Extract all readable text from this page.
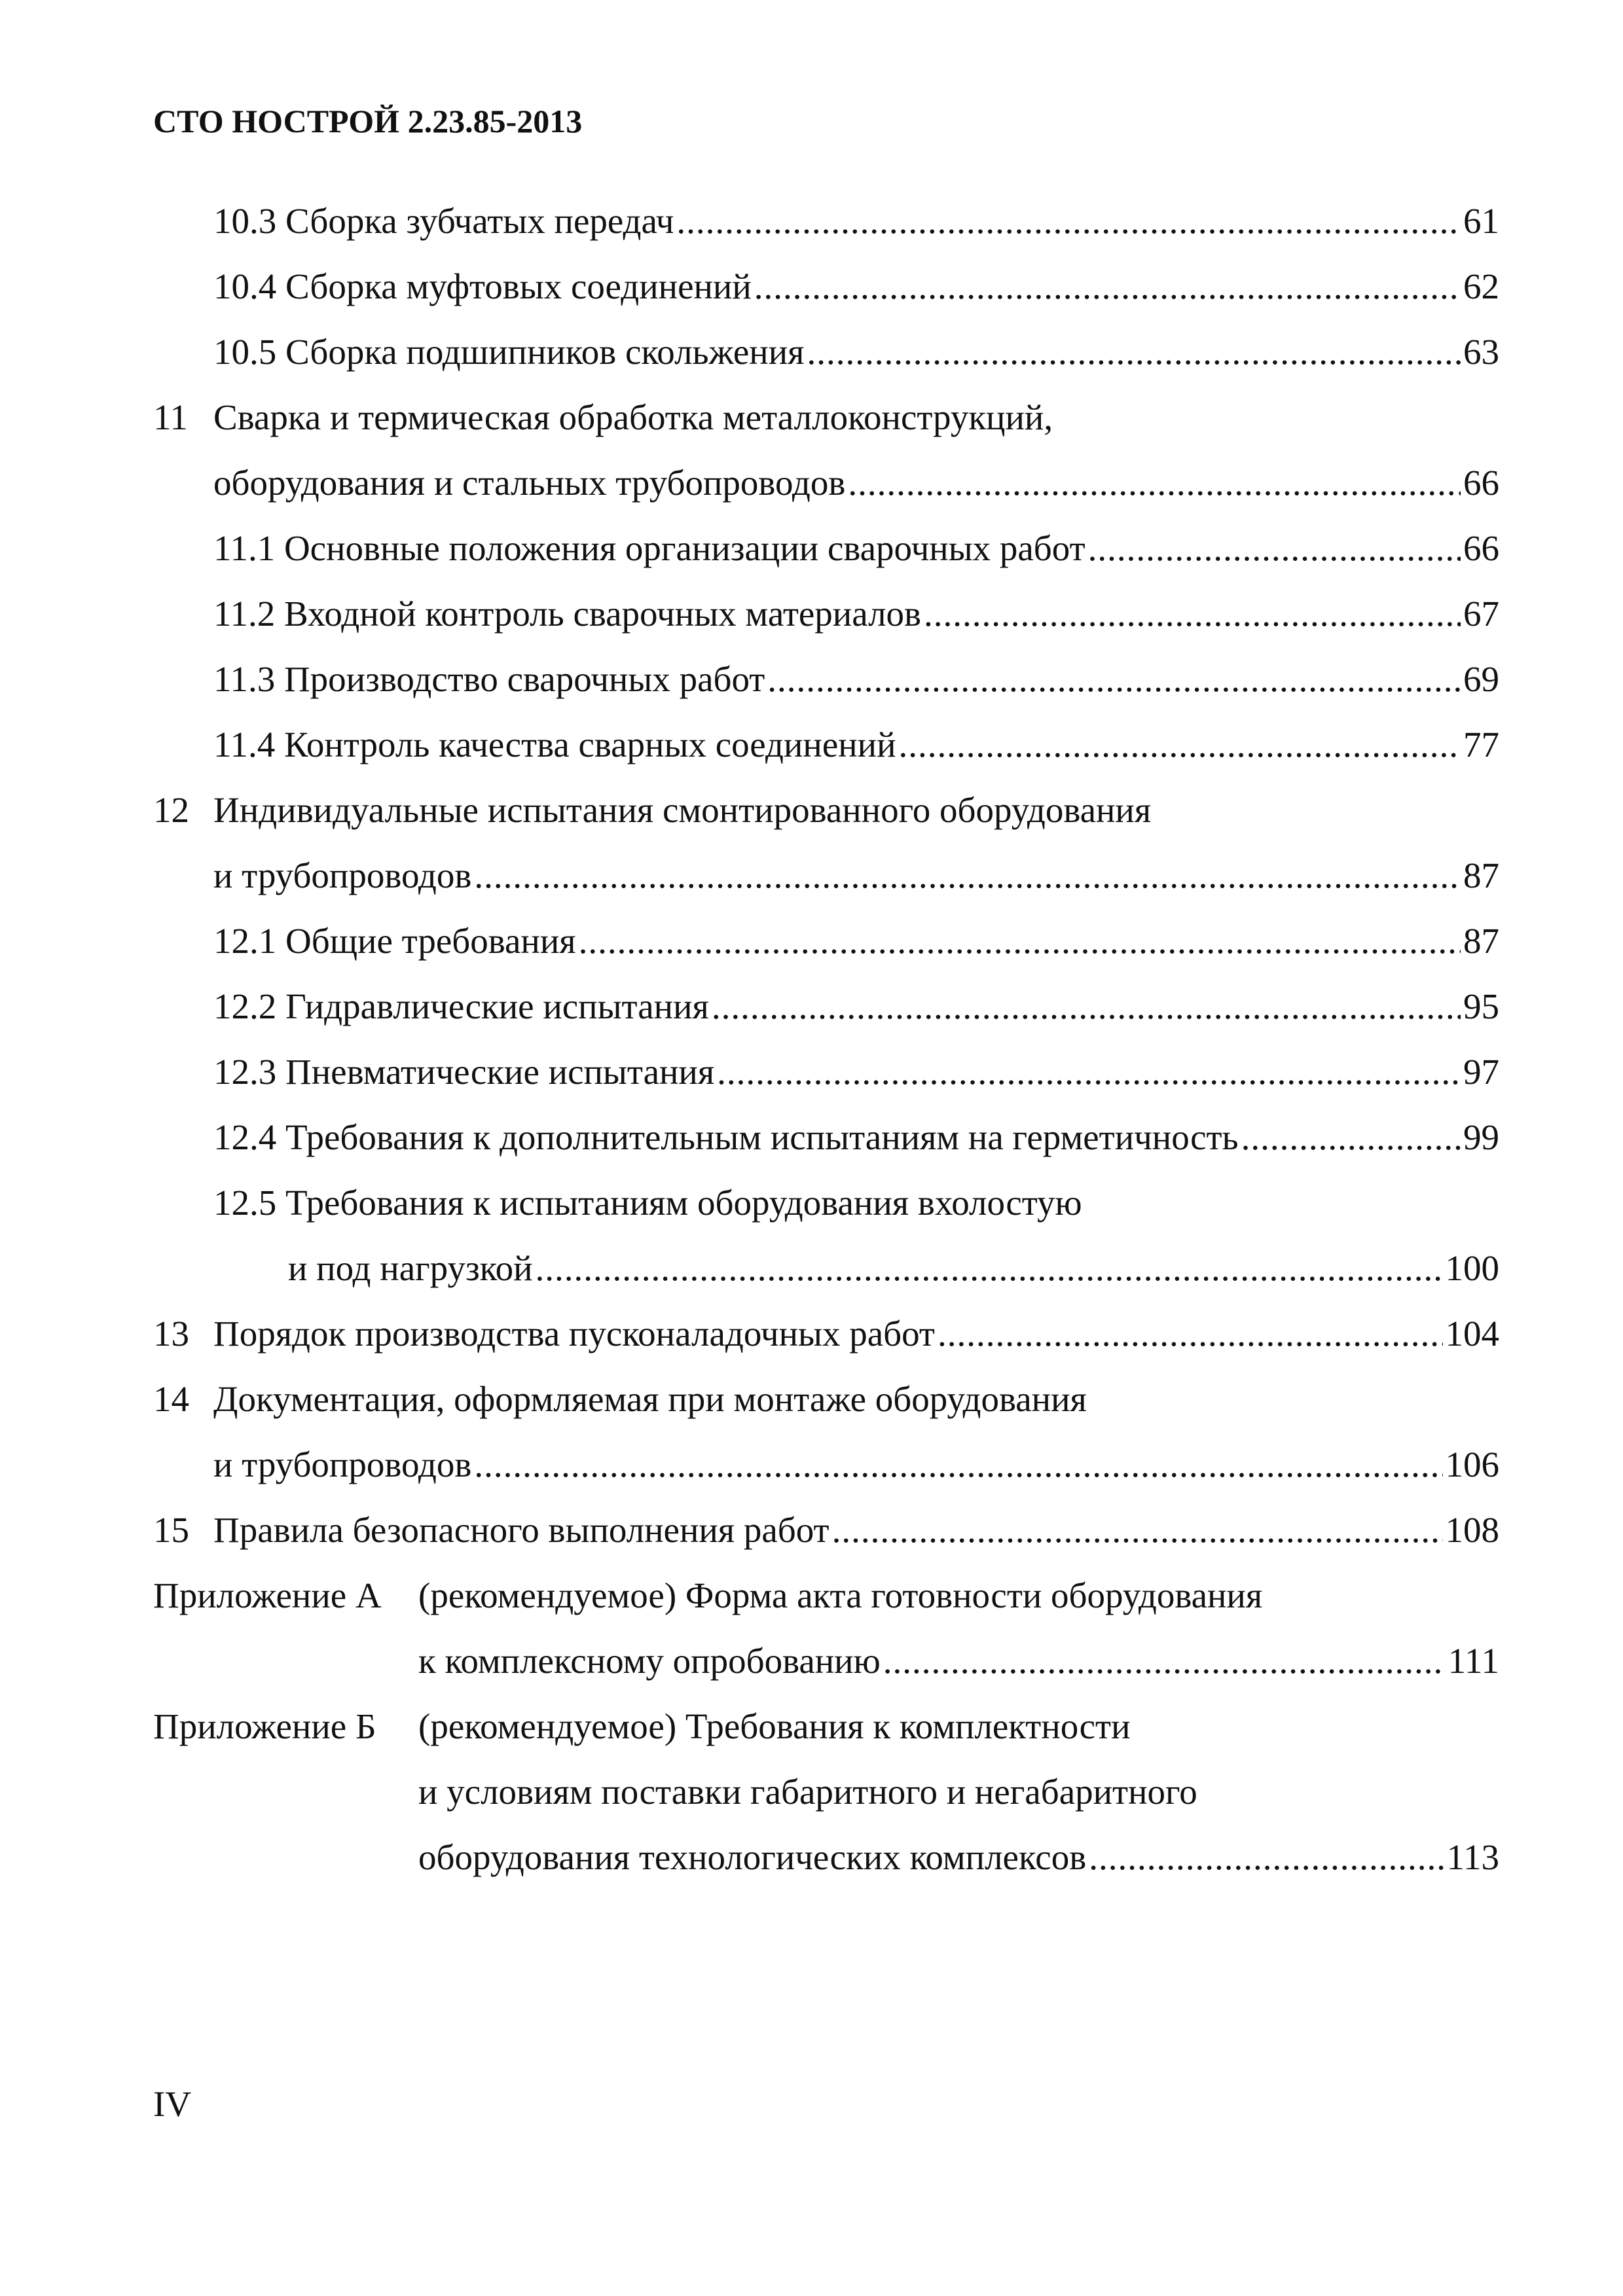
СТО НОСТРОЙ 2.23.85-2013
10.3 Сборка зубчатых передач .....	61
10.4 Сборка муфтовых соединений .....	62
10.5 Сборка подшипников скольжения .....	63
11 Сварка и термическая обработка металлоконструкций,
оборудования и стальных трубопроводов .....	66
11.1 Основные положения организации сварочных работ .....	66
11.2 Входной контроль сварочных материалов .....	67
11.3 Производство сварочных работ .....	69
11.4 Контроль качества сварных соединений .....	77
12 Индивидуальные испытания смонтированного оборудования
и трубопроводов .....	87
12.1 Общие требования .....	87
12.2 Гидравлические испытания .....	95
12.3 Пневматические испытания .....	97
12.4 Требования к дополнительным испытаниям на герметичность .....	99
12.5 Требования к испытаниям оборудования вхолостую
и под нагрузкой .....	100
13 Порядок производства пусконаладочных работ .....	104
14 Документация, оформляемая при монтаже оборудования
и трубопроводов .....	106
15 Правила безопасного выполнения работ .....	108
Приложение А	(рекомендуемое) Форма акта готовности оборудования
к комплексному опробованию .....	111
Приложение Б	(рекомендуемое) Требования к комплектности
и условиям поставки габаритного и негабаритного
оборудования технологических комплексов .....	113
IV
